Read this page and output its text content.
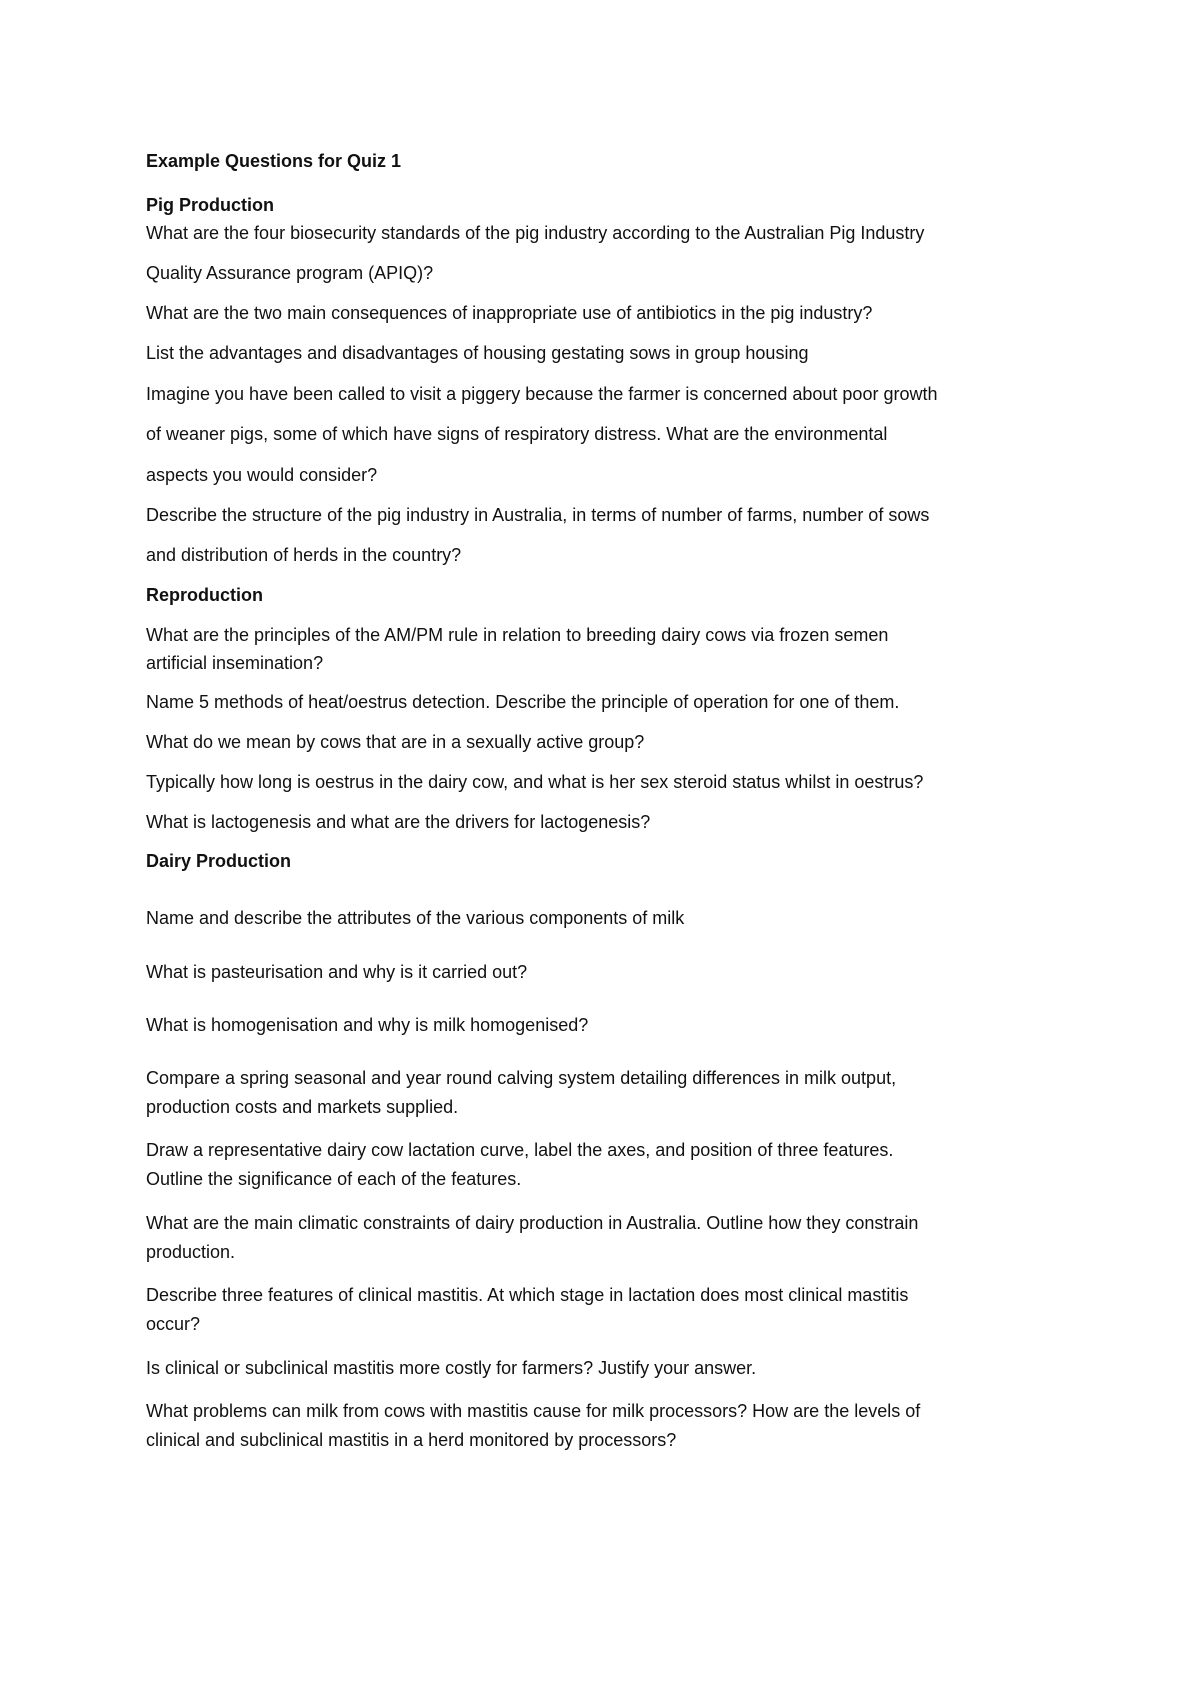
Example Questions for Quiz 1
Pig Production
What are the four biosecurity standards of the pig industry according to the Australian Pig Industry
Quality Assurance program (APIQ)?
What are the two main consequences of inappropriate use of antibiotics in the pig industry?
List the advantages and disadvantages of housing gestating sows in group housing
Imagine you have been called to visit a piggery because the farmer is concerned about poor growth
of weaner pigs, some of which have signs of respiratory distress. What are the environmental
aspects you would consider?
Describe the structure of the pig industry in Australia, in terms of number of farms, number of sows
and distribution of herds in the country?
Reproduction
What are the principles of the AM/PM rule in relation to breeding dairy cows via frozen semen
artificial insemination?
Name 5 methods of heat/oestrus detection. Describe the principle of operation for one of them.
What do we mean by cows that are in a sexually active group?
Typically how long is oestrus in the dairy cow, and what is her sex steroid status whilst in oestrus?
What is lactogenesis and what are the drivers for lactogenesis?
Dairy Production
Name and describe the attributes of the various components of milk
What is pasteurisation and why is it carried out?
What is homogenisation and why is milk homogenised?
Compare a spring seasonal and year round calving system detailing differences in milk output,
production costs and markets supplied.
Draw a representative dairy cow lactation curve, label the axes, and position of three features.
Outline the significance of each of the features.
What are the main climatic constraints of dairy production in Australia. Outline how they constrain
production.
Describe three features of clinical mastitis. At which stage in lactation does most clinical mastitis
occur?
Is clinical or subclinical mastitis more costly for farmers? Justify your answer.
What problems can milk from cows with mastitis cause for milk processors? How are the levels of
clinical and subclinical mastitis in a herd monitored by processors?
